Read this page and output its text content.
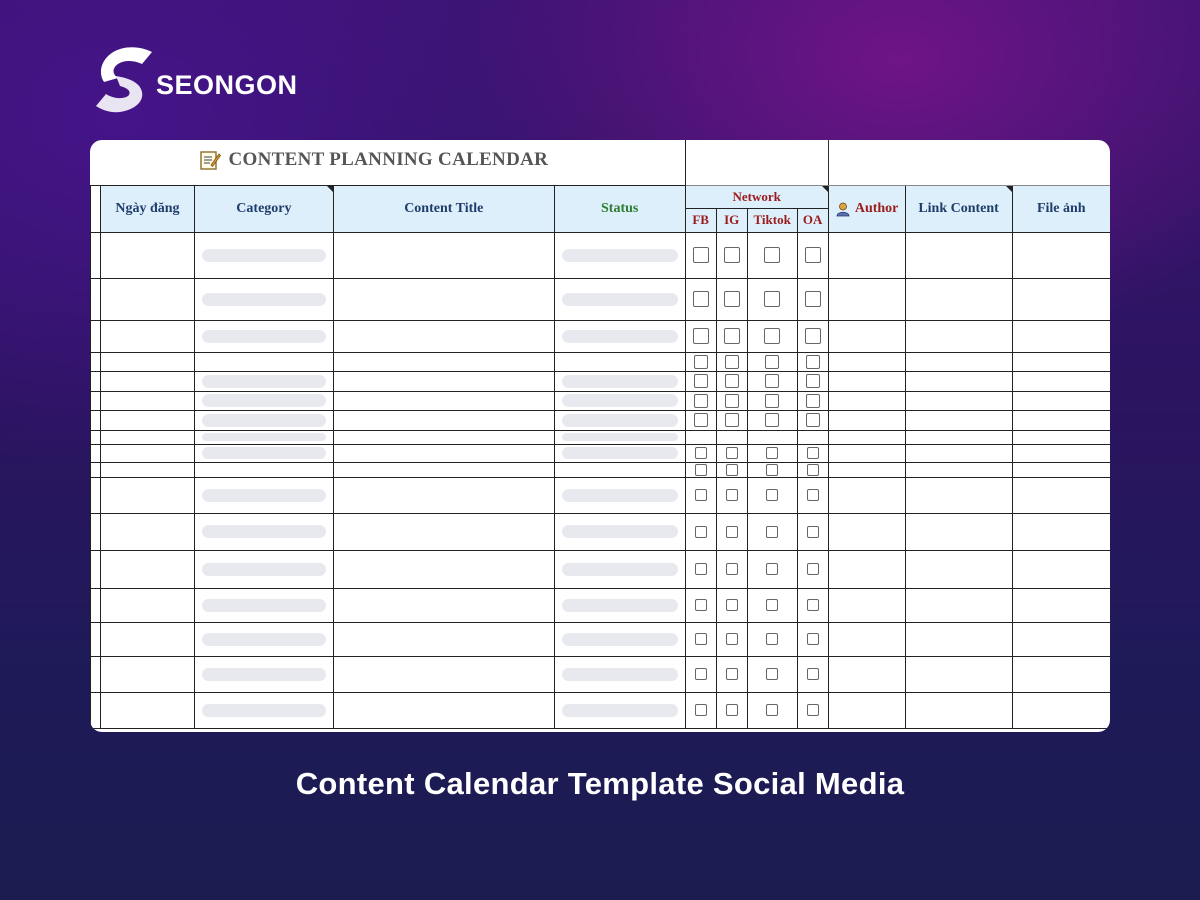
SEONGON
CONTENT PLANNING CALENDAR											

	Ngày đăng	Category	Content Title	Status	Network				Author	Link Content	File ảnh
					FB	IG	Tiktok	OA			

Content Calendar Template Social Media
